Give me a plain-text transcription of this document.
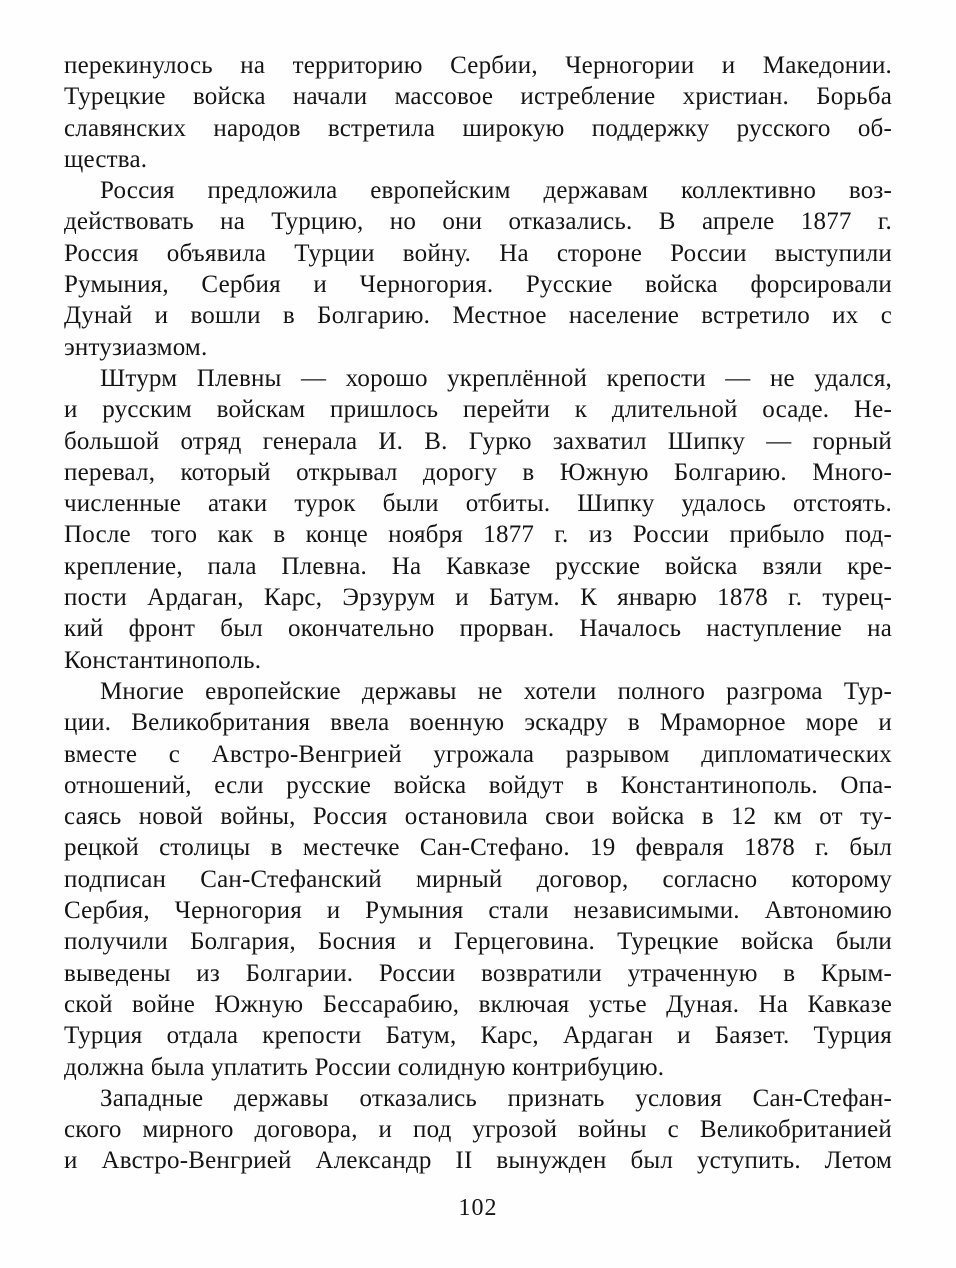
перекинулось на территорию Сербии, Черногории и Македонии.
Турецкие войска начали массовое истребление христиан. Борьба
славянских народов встретила широкую поддержку русского об-
щества.

Россия предложила европейским державам коллективно воз-
действовать на Турцию, но они отказались. В апреле 1877 г.
Россия объявила Турции войну. На стороне России выступили
Румыния, Сербия и Черногория. Русские войска форсировали
Дунай и вошли в Болгарию. Местное население встретило их с
энтузиазмом.

Штурм Плевны — хорошо укреплённой крепости — не удался,
и русским войскам пришлось перейти к длительной осаде. Не-
большой отряд генерала И. В. Гурко захватил Шипку — горный
перевал, который открывал дорогу в Южную Болгарию. Много-
численные атаки турок были отбиты. Шипку удалось отстоять.
После того как в конце ноября 1877 г. из России прибыло под-
крепление, пала Плевна. На Кавказе русские войска взяли кре-
пости Ардаган, Карс, Эрзурум и Батум. К январю 1878 г. турец-
кий фронт был окончательно прорван. Началось наступление на
Константинополь.

Многие европейские державы не хотели полного разгрома Тур-
ции. Великобритания ввела военную эскадру в Мраморное море и
вместе с Австро-Венгрией угрожала разрывом дипломатических
отношений, если русские войска войдут в Константинополь. Опа-
саясь новой войны, Россия остановила свои войска в 12 км от ту-
рецкой столицы в местечке Сан-Стефано. 19 февраля 1878 г. был
подписан Сан-Стефанский мирный договор, согласно которому
Сербия, Черногория и Румыния стали независимыми. Автономию
получили Болгария, Босния и Герцеговина. Турецкие войска были
выведены из Болгарии. России возвратили утраченную в Крым-
ской войне Южную Бессарабию, включая устье Дуная. На Кавказе
Турция отдала крепости Батум, Карс, Ардаган и Баязет. Турция
должна была уплатить России солидную контрибуцию.

Западные державы отказались признать условия Сан-Стефан-
ского мирного договора, и под угрозой войны с Великобританией
и Австро-Венгрией Александр II вынужден был уступить. Летом

102
